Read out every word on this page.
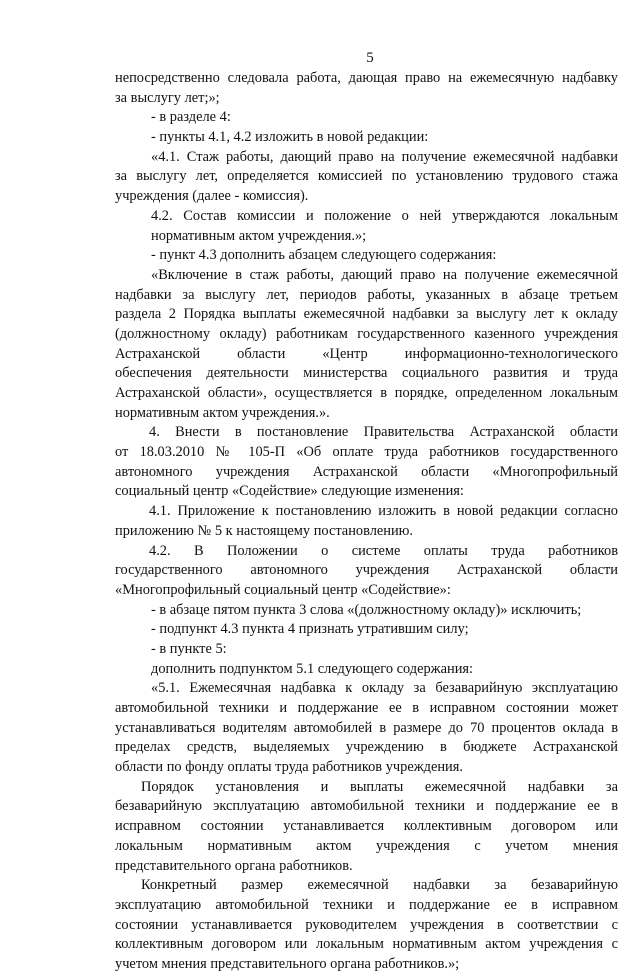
5
непосредственно следовала работа, дающая право на ежемесячную надбавку
за выслугу лет;»;
- в разделе 4:
- пункты 4.1, 4.2 изложить в новой редакции:
«4.1. Стаж работы, дающий право на получение ежемесячной надбавки
за выслугу лет, определяется комиссией по установлению трудового стажа
учреждения (далее - комиссия).
4.2. Состав комиссии и положение о ней утверждаются локальным
нормативным актом учреждения.»;
- пункт 4.3 дополнить абзацем следующего содержания:
«Включение в стаж работы, дающий право на получение ежемесячной
надбавки за выслугу лет, периодов работы, указанных в абзаце третьем
раздела 2 Порядка выплаты ежемесячной надбавки за выслугу лет к окладу
(должностному окладу) работникам государственного казенного учреждения
Астраханской области «Центр информационно-технологического
обеспечения деятельности министерства социального развития и труда
Астраханской области», осуществляется в порядке, определенном локальным
нормативным актом учреждения.».
4. Внести в постановление Правительства Астраханской области
от 18.03.2010 № 105-П «Об оплате труда работников государственного
автономного учреждения Астраханской области «Многопрофильный
социальный центр «Содействие» следующие изменения:
4.1. Приложение к постановлению изложить в новой редакции согласно
приложению № 5 к настоящему постановлению.
4.2. В Положении о системе оплаты труда работников
государственного автономного учреждения Астраханской области
«Многопрофильный социальный центр «Содействие»:
- в абзаце пятом пункта 3 слова «(должностному окладу)» исключить;
- подпункт 4.3 пункта 4 признать утратившим силу;
- в пункте 5:
дополнить подпунктом 5.1 следующего содержания:
«5.1. Ежемесячная надбавка к окладу за безаварийную эксплуатацию
автомобильной техники и поддержание ее в исправном состоянии может
устанавливаться водителям автомобилей в размере до 70 процентов оклада в
пределах средств, выделяемых учреждению в бюджете Астраханской
области по фонду оплаты труда работников учреждения.
Порядок установления и выплаты ежемесячной надбавки за
безаварийную эксплуатацию автомобильной техники и поддержание ее в
исправном состоянии устанавливается коллективным договором или
локальным нормативным актом учреждения с учетом мнения
представительного органа работников.
Конкретный размер ежемесячной надбавки за безаварийную
эксплуатацию автомобильной техники и поддержание ее в исправном
состоянии устанавливается руководителем учреждения в соответствии с
коллективным договором или локальным нормативным актом учреждения с
учетом мнения представительного органа работников.»;
